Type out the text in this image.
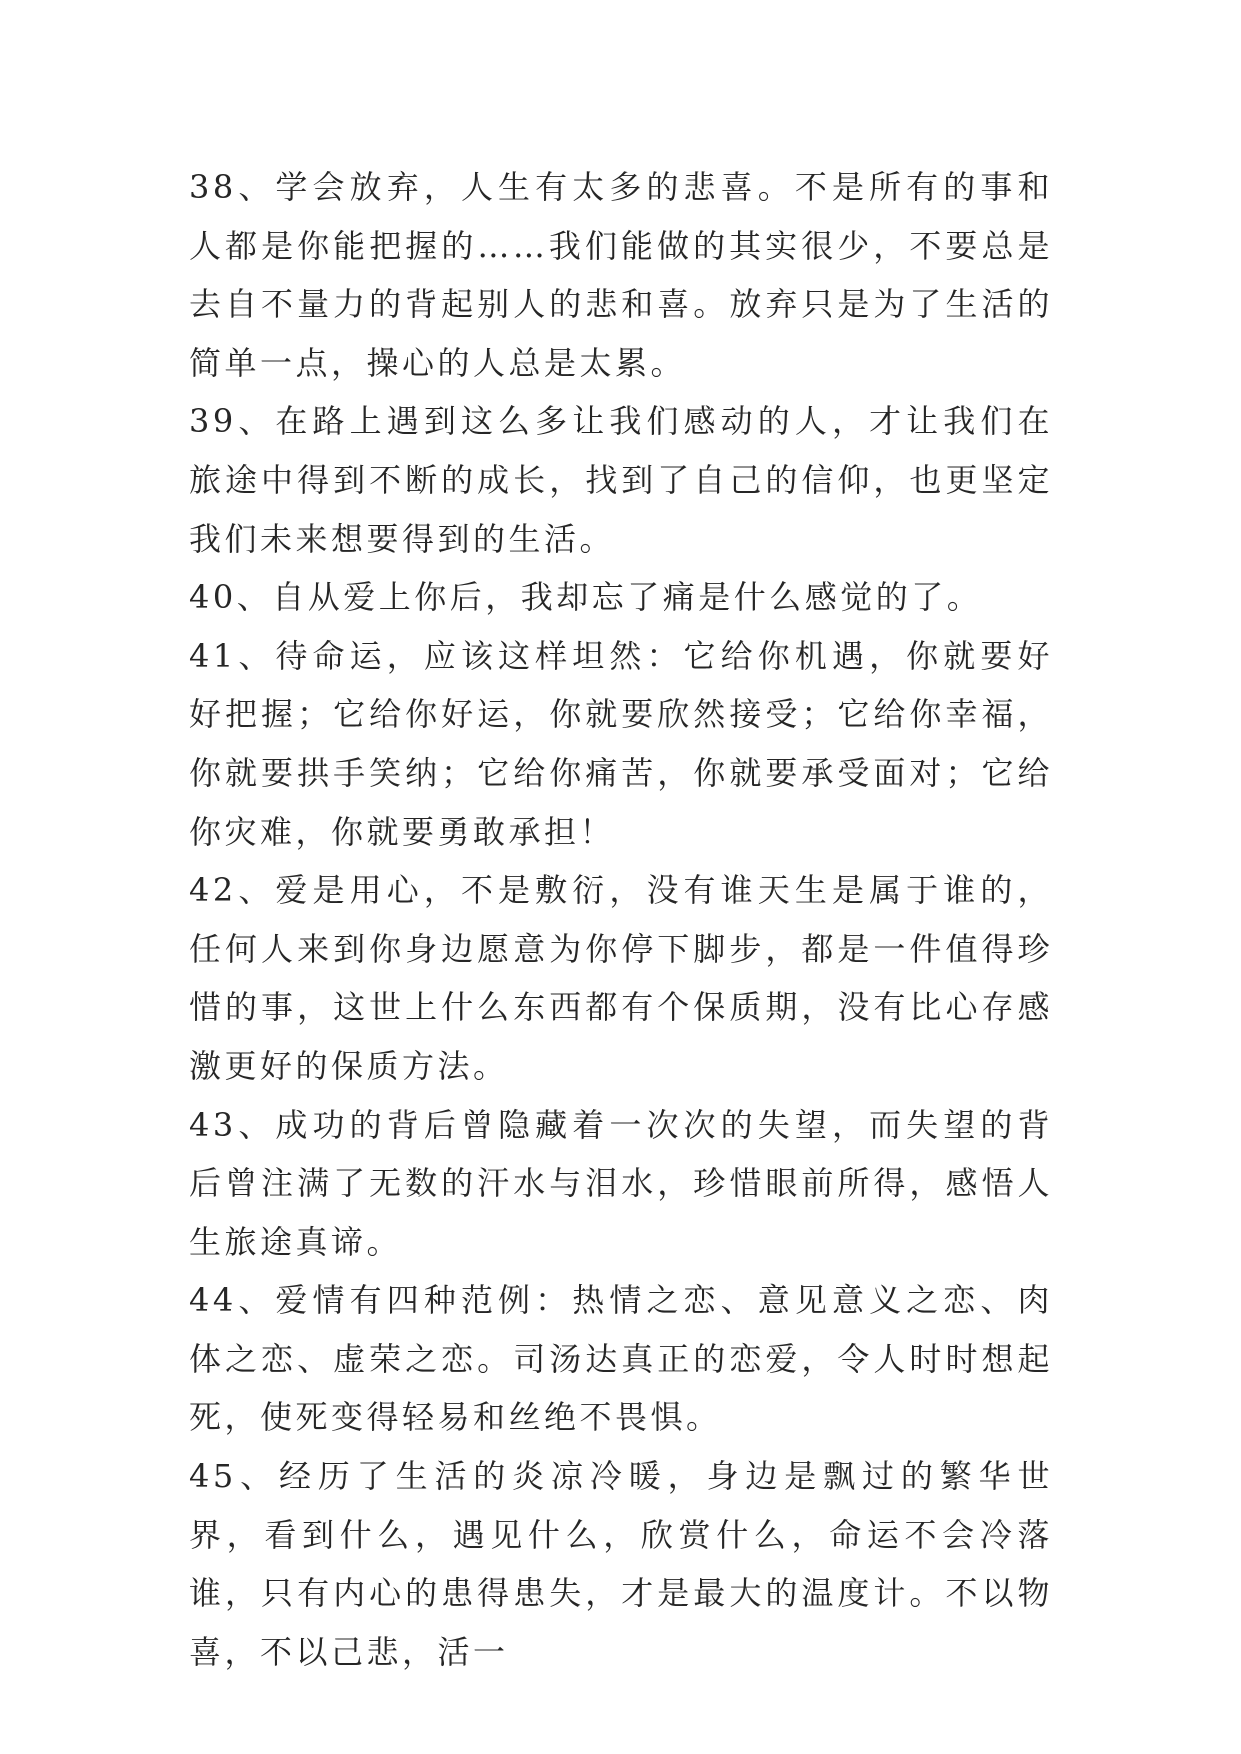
38、学会放弃，人生有太多的悲喜。不是所有的事和人都是你能把握的……我们能做的其实很少，不要总是去自不量力的背起别人的悲和喜。放弃只是为了生活的简单一点，操心的人总是太累。

39、在路上遇到这么多让我们感动的人，才让我们在旅途中得到不断的成长，找到了自己的信仰，也更坚定我们未来想要得到的生活。

40、自从爱上你后，我却忘了痛是什么感觉的了。

41、待命运，应该这样坦然：它给你机遇，你就要好好把握；它给你好运，你就要欣然接受；它给你幸福，你就要拱手笑纳；它给你痛苦，你就要承受面对；它给你灾难，你就要勇敢承担！

42、爱是用心，不是敷衍，没有谁天生是属于谁的，任何人来到你身边愿意为你停下脚步，都是一件值得珍惜的事，这世上什么东西都有个保质期，没有比心存感激更好的保质方法。

43、成功的背后曾隐藏着一次次的失望，而失望的背后曾注满了无数的汗水与泪水，珍惜眼前所得，感悟人生旅途真谛。

44、爱情有四种范例：热情之恋、意见意义之恋、肉体之恋、虚荣之恋。司汤达真正的恋爱，令人时时想起死，使死变得轻易和丝绝不畏惧。

45、经历了生活的炎凉冷暖，身边是飘过的繁华世界，看到什么，遇见什么，欣赏什么，命运不会冷落谁，只有内心的患得患失，才是最大的温度计。不以物喜，不以己悲，活一
